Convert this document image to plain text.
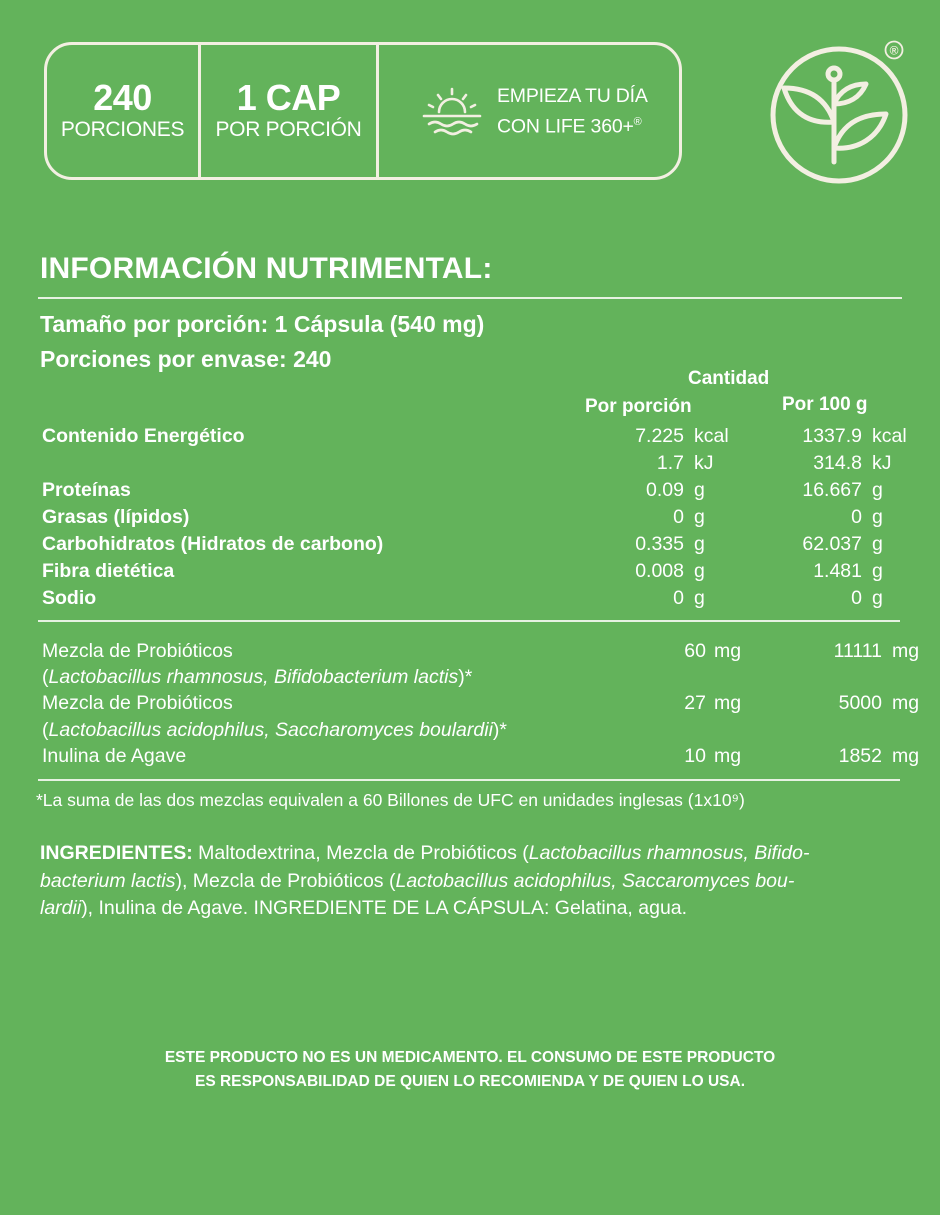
240
PORCIONES
1 CAP
POR PORCIÓN
EMPIEZA TU DÍA
CON LIFE 360+®
®
INFORMACIÓN NUTRIMENTAL:
Tamaño por porción: 1 Cápsula (540 mg)
Porciones por envase: 240
Cantidad
Por porción	Por 100 g
Contenido Energético	7.225 kcal	1337.9 kcal
1.7 kJ	314.8 kJ
Proteínas	0.09 g	16.667 g
Grasas (lípidos)	0 g	0 g
Carbohidratos (Hidratos de carbono)	0.335 g	62.037 g
Fibra dietética	0.008 g	1.481 g
Sodio	0 g	0 g
Mezcla de Probióticos	60 mg	11111 mg
(Lactobacillus rhamnosus, Bifidobacterium lactis)*
Mezcla de Probióticos	27 mg	5000 mg
(Lactobacillus acidophilus, Saccharomyces boulardii)*
Inulina de Agave	10 mg	1852 mg
*La suma de las dos mezclas equivalen a 60 Billones de UFC en unidades inglesas (1x10⁹)
INGREDIENTES: Maltodextrina, Mezcla de Probióticos (Lactobacillus rhamnosus, Bifido-
bacterium lactis), Mezcla de Probióticos (Lactobacillus acidophilus, Saccaromyces bou-
lardii), Inulina de Agave. INGREDIENTE DE LA CÁPSULA: Gelatina, agua.
ESTE PRODUCTO NO ES UN MEDICAMENTO. EL CONSUMO DE ESTE PRODUCTO
ES RESPONSABILIDAD DE QUIEN LO RECOMIENDA Y DE QUIEN LO USA.
